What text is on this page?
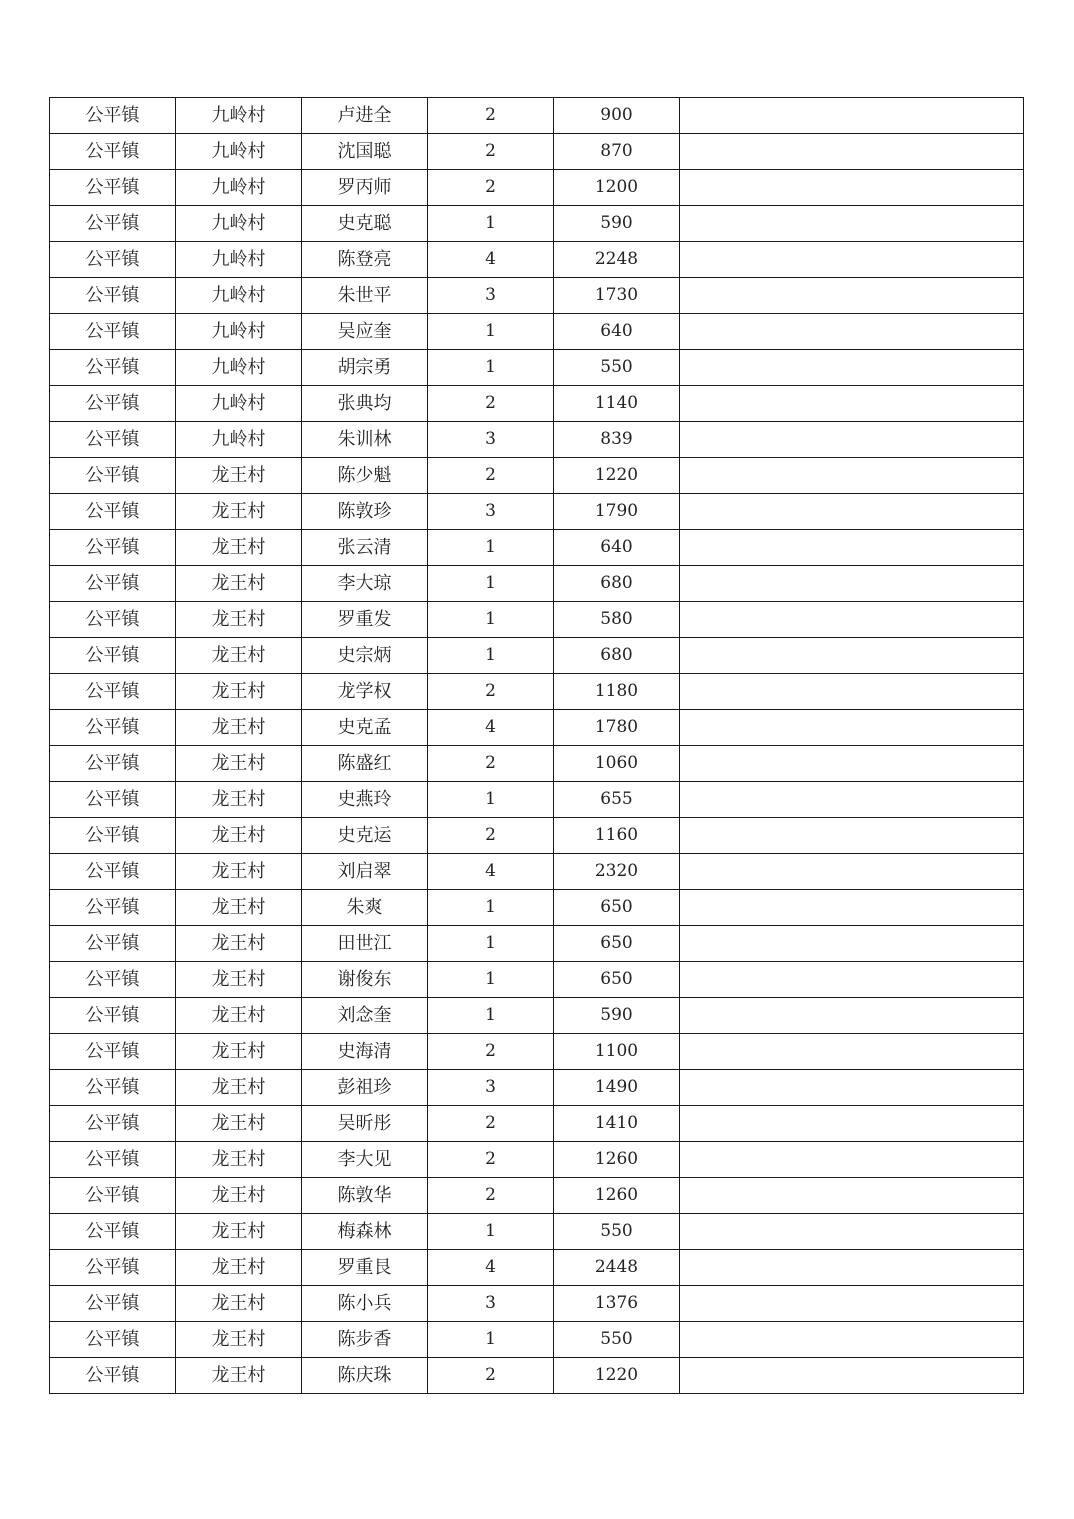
公平镇	九岭村	卢进全	2	900	
公平镇	九岭村	沈国聪	2	870	
公平镇	九岭村	罗丙师	2	1200	
公平镇	九岭村	史克聪	1	590	
公平镇	九岭村	陈登亮	4	2248	
公平镇	九岭村	朱世平	3	1730	
公平镇	九岭村	吴应奎	1	640	
公平镇	九岭村	胡宗勇	1	550	
公平镇	九岭村	张典均	2	1140	
公平镇	九岭村	朱训林	3	839	
公平镇	龙王村	陈少魁	2	1220	
公平镇	龙王村	陈敦珍	3	1790	
公平镇	龙王村	张云清	1	640	
公平镇	龙王村	李大琼	1	680	
公平镇	龙王村	罗重发	1	580	
公平镇	龙王村	史宗炳	1	680	
公平镇	龙王村	龙学权	2	1180	
公平镇	龙王村	史克孟	4	1780	
公平镇	龙王村	陈盛红	2	1060	
公平镇	龙王村	史燕玲	1	655	
公平镇	龙王村	史克运	2	1160	
公平镇	龙王村	刘启翠	4	2320	
公平镇	龙王村	朱爽	1	650	
公平镇	龙王村	田世江	1	650	
公平镇	龙王村	谢俊东	1	650	
公平镇	龙王村	刘念奎	1	590	
公平镇	龙王村	史海清	2	1100	
公平镇	龙王村	彭祖珍	3	1490	
公平镇	龙王村	吴昕彤	2	1410	
公平镇	龙王村	李大见	2	1260	
公平镇	龙王村	陈敦华	2	1260	
公平镇	龙王村	梅森林	1	550	
公平镇	龙王村	罗重艮	4	2448	
公平镇	龙王村	陈小兵	3	1376	
公平镇	龙王村	陈步香	1	550	
公平镇	龙王村	陈庆珠	2	1220	
